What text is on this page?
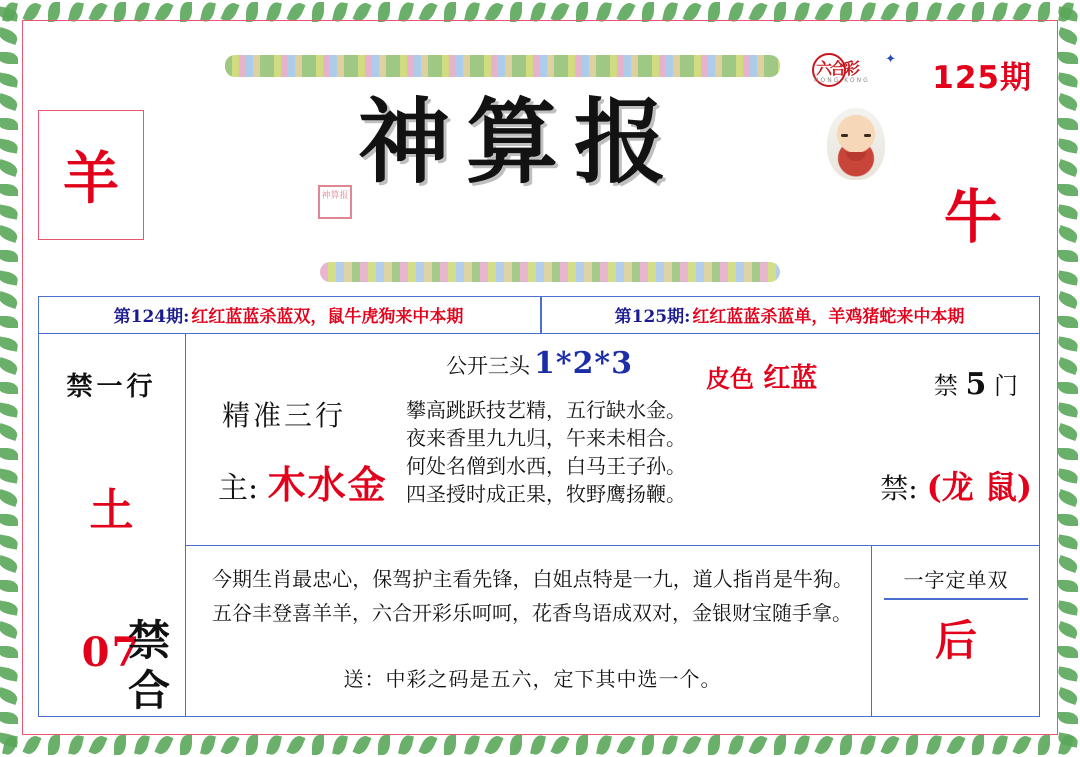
六合彩
HONG KONG
✦
125期
神算报
神算报
羊
牛
第124期: 红红蓝蓝杀蓝双，鼠牛虎狗来中本期	第125期: 红红蓝蓝杀蓝单，羊鸡猪蛇来中本期
禁一行
土
07
禁合
公开三头 1*2*3	皮色 红蓝	禁 5 门
禁: (龙 鼠)
精准三行
主: 木水金
攀高跳跃技艺精，五行缺水金。
夜来香里九九归，午来未相合。
何处名僧到水西，白马王子孙。
四圣授时成正果，牧野鹰扬鞭。
今期生肖最忠心，保驾护主看先锋，白姐点特是一九，道人指肖是牛狗。 五谷丰登喜羊羊，六合开彩乐呵呵，花香鸟语成双对，金银财宝随手拿。
送：中彩之码是五六，定下其中选一个。
一字定单双
后
